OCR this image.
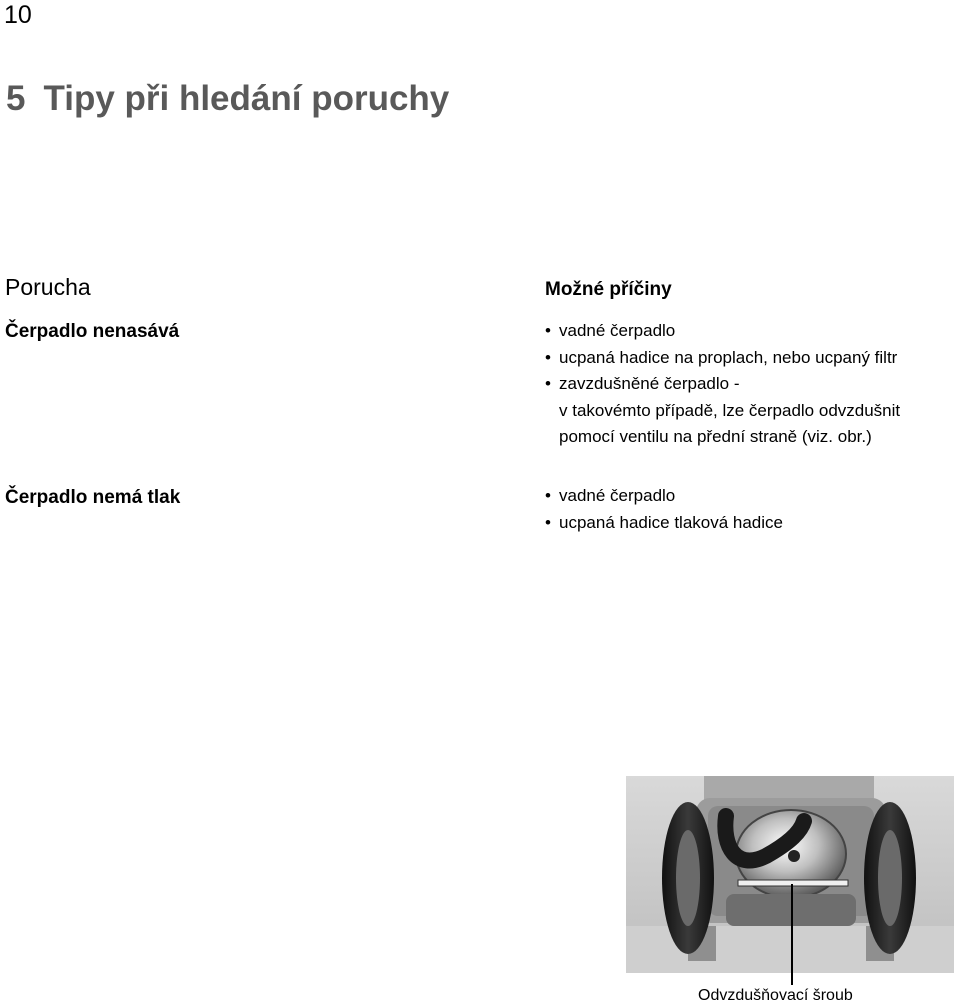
10
5 Tipy při hledání poruchy
Porucha	Možné příčiny
Čerpadlo nenasává	• vadné čerpadlo
• ucpaná hadice na proplach, nebo ucpaný filtr
• zavzdušněné čerpadlo -
v takovémto případě, lze čerpadlo odvzdušnit
pomocí ventilu na přední straně (viz. obr.)
Čerpadlo nemá tlak	• vadné čerpadlo
• ucpaná hadice tlaková hadice
Odvzdušňovací šroub
